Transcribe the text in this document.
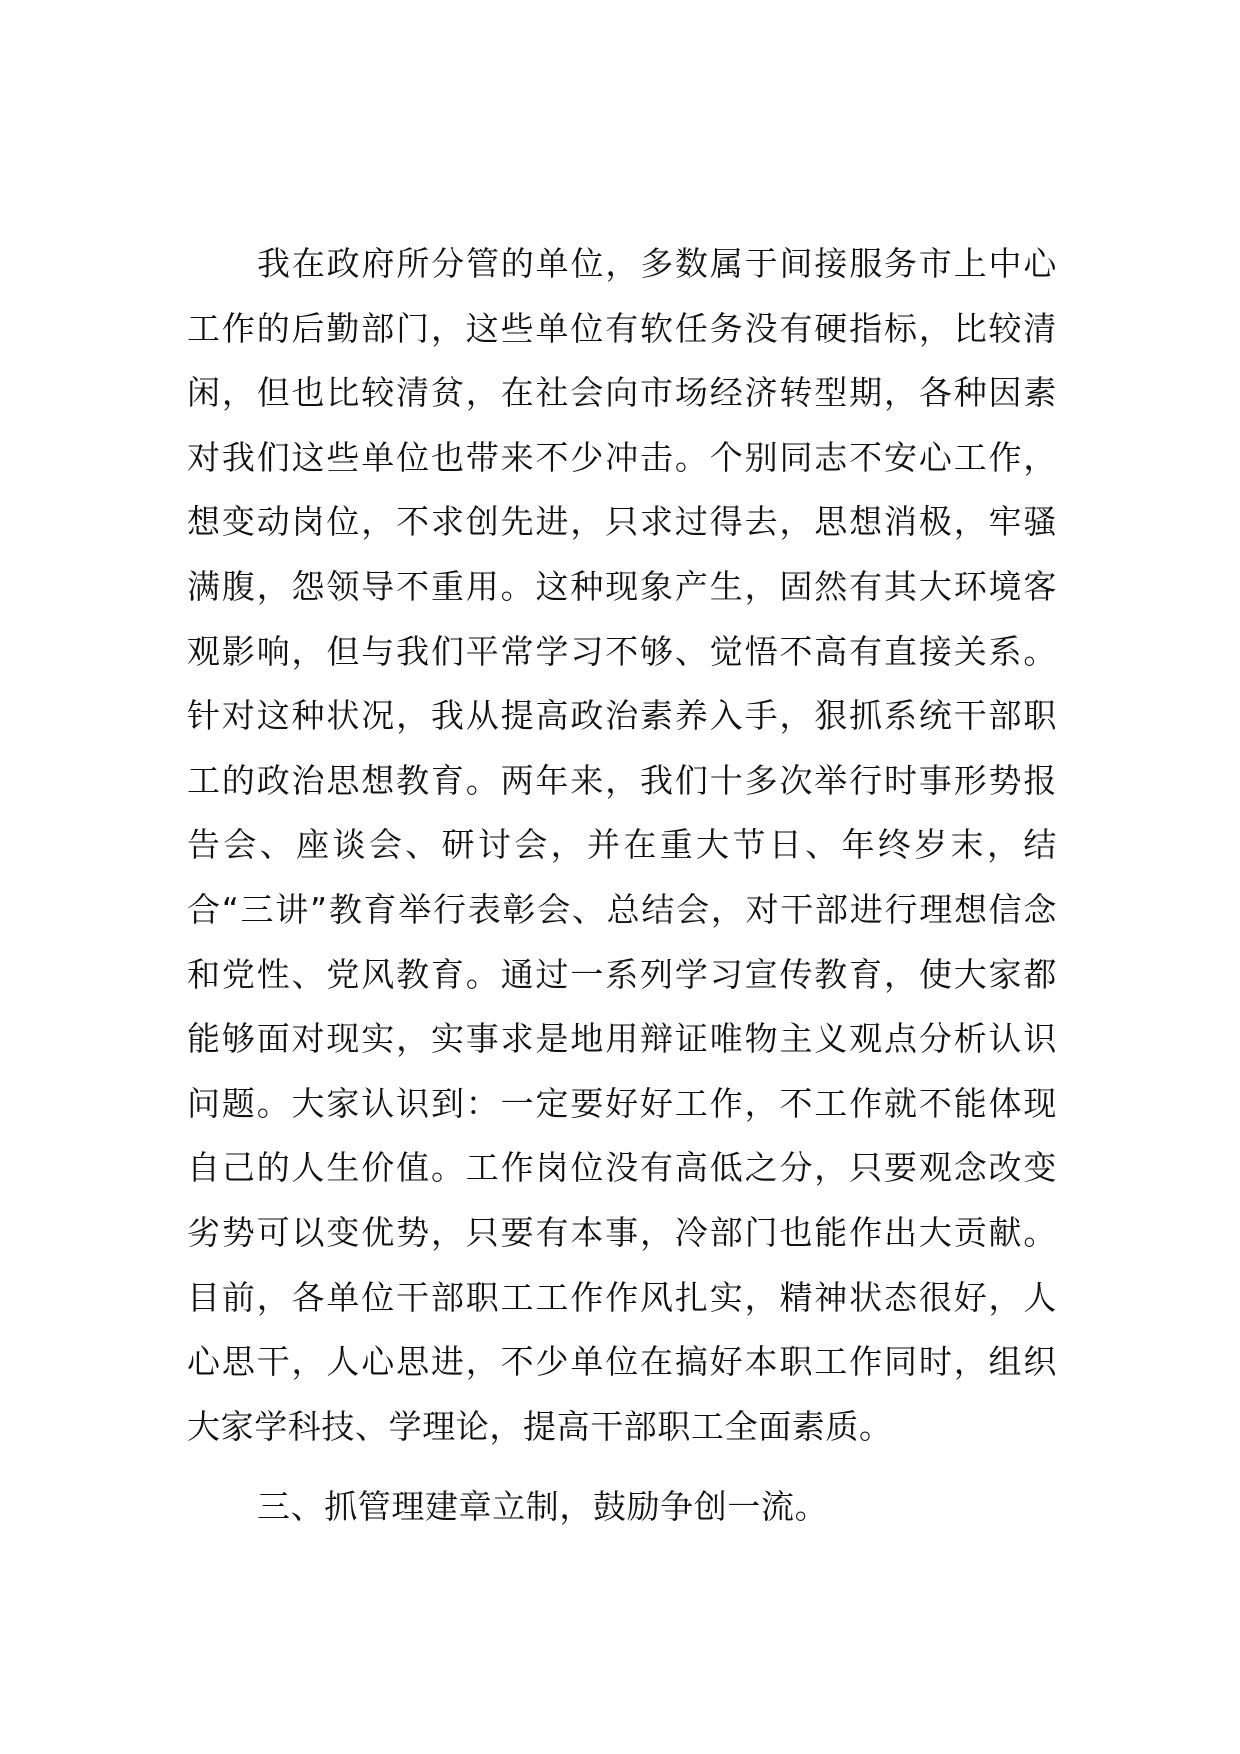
我在政府所分管的单位，多数属于间接服务市上中心工作的后勤部门，这些单位有软任务没有硬指标，比较清闲，但也比较清贫，在社会向市场经济转型期，各种因素对我们这些单位也带来不少冲击。个别同志不安心工作，想变动岗位，不求创先进，只求过得去，思想消极，牢骚满腹，怨领导不重用。这种现象产生，固然有其大环境客观影响，但与我们平常学习不够、觉悟不高有直接关系。针对这种状况，我从提高政治素养入手，狠抓系统干部职工的政治思想教育。两年来，我们十多次举行时事形势报告会、座谈会、研讨会，并在重大节日、年终岁末，结合“三讲”教育举行表彰会、总结会，对干部进行理想信念和党性、党风教育。通过一系列学习宣传教育，使大家都能够面对现实，实事求是地用辩证唯物主义观点分析认识问题。大家认识到：一定要好好工作，不工作就不能体现自己的人生价值。工作岗位没有高低之分，只要观念改变劣势可以变优势，只要有本事，冷部门也能作出大贡献。目前，各单位干部职工工作作风扎实，精神状态很好，人心思干，人心思进，不少单位在搞好本职工作同时，组织大家学科技、学理论，提高干部职工全面素质。

三、抓管理建章立制，鼓励争创一流。
